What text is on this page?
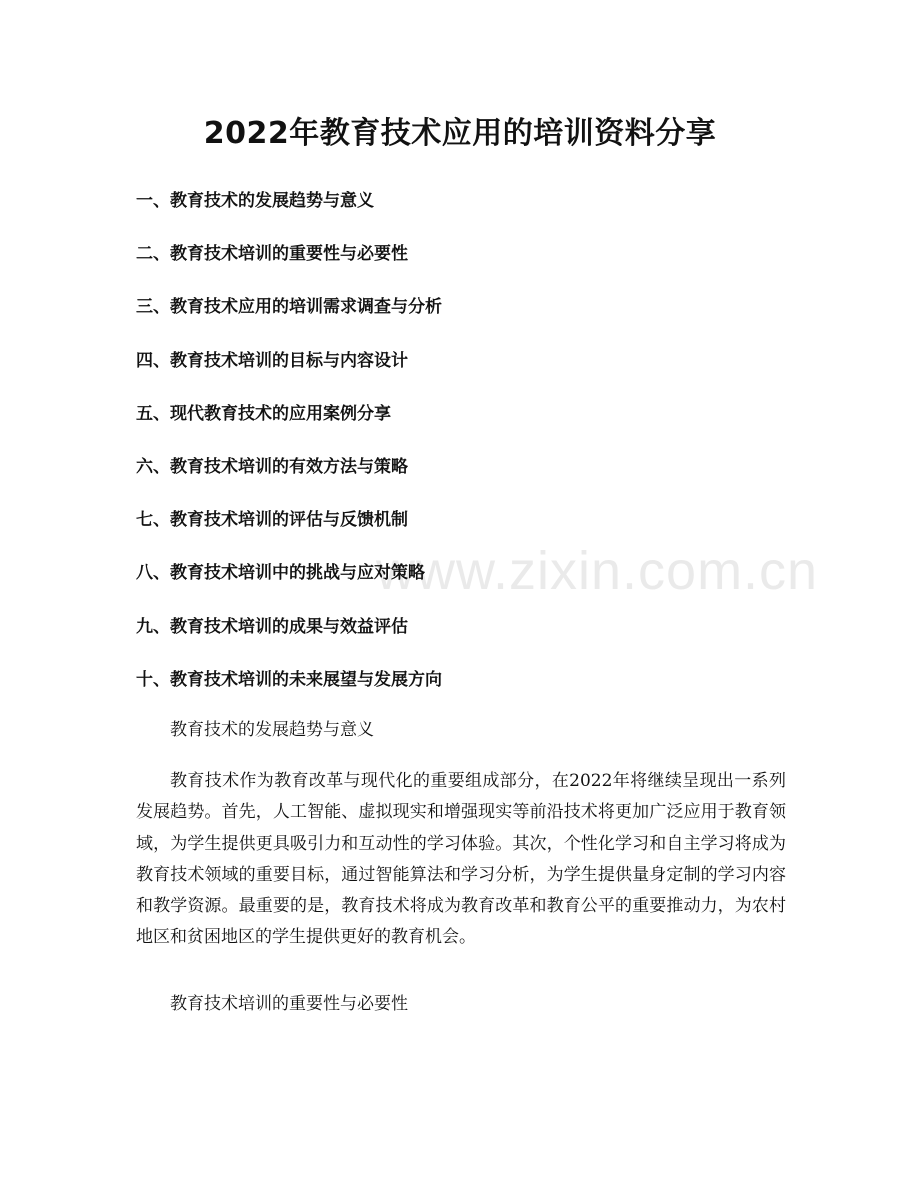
www.zixin.com.cn
2022年教育技术应用的培训资料分享
一、教育技术的发展趋势与意义
二、教育技术培训的重要性与必要性
三、教育技术应用的培训需求调查与分析
四、教育技术培训的目标与内容设计
五、现代教育技术的应用案例分享
六、教育技术培训的有效方法与策略
七、教育技术培训的评估与反馈机制
八、教育技术培训中的挑战与应对策略
九、教育技术培训的成果与效益评估
十、教育技术培训的未来展望与发展方向
教育技术的发展趋势与意义
教育技术作为教育改革与现代化的重要组成部分，在2022年将继续呈现出一系列发展趋势。首先，人工智能、虚拟现实和增强现实等前沿技术将更加广泛应用于教育领域，为学生提供更具吸引力和互动性的学习体验。其次，个性化学习和自主学习将成为教育技术领域的重要目标，通过智能算法和学习分析，为学生提供量身定制的学习内容和教学资源。最重要的是，教育技术将成为教育改革和教育公平的重要推动力，为农村地区和贫困地区的学生提供更好的教育机会。
教育技术培训的重要性与必要性
